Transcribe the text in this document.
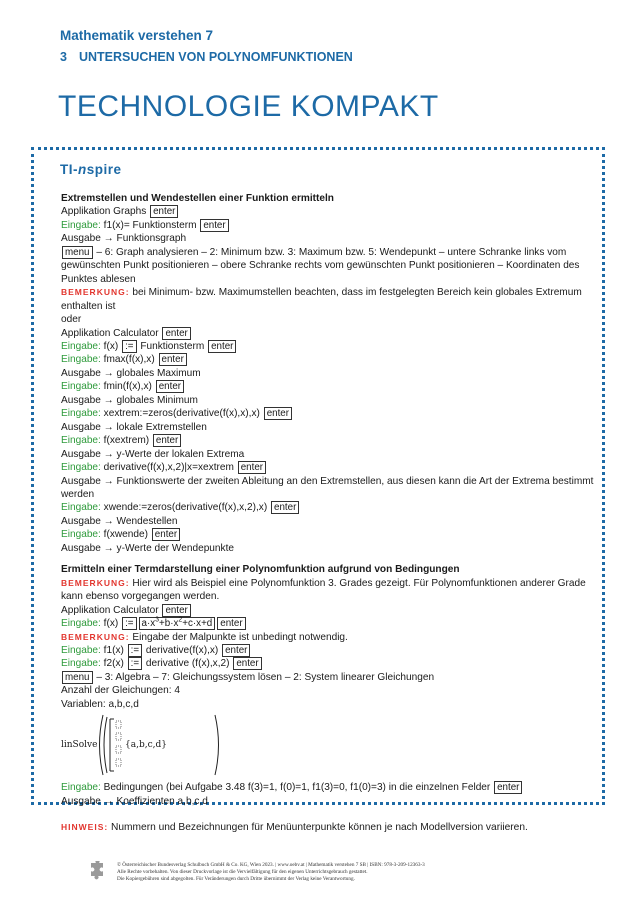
Mathematik verstehen 7
3 UNTERSUCHEN VON POLYNOMFUNKTIONEN
TECHNOLOGIE KOMPAKT
TI-nspire
Extremstellen und Wendestellen einer Funktion ermitteln
Applikation Graphs enter
Eingabe: f1(x)= Funktionsterm enter
Ausgabe → Funktionsgraph
menu – 6: Graph analysieren – 2: Minimum bzw. 3: Maximum bzw. 5: Wendepunkt – untere Schranke links vom gewünschten Punkt positionieren – obere Schranke rechts vom gewünschten Punkt positionieren – Koordinaten des Punktes ablesen
BEMERKUNG: bei Minimum- bzw. Maximumstellen beachten, dass im festgelegten Bereich kein globales Extremum enthalten ist
oder
Applikation Calculator enter
Eingabe: f(x) := Funktionsterm enter
Eingabe: fmax(f(x),x) enter
Ausgabe → globales Maximum
Eingabe: fmin(f(x),x) enter
Ausgabe → globales Minimum
Eingabe: xextrem:=zeros(derivative(f(x),x),x) enter
Ausgabe → lokale Extremstellen
Eingabe: f(xextrem) enter
Ausgabe → y-Werte der lokalen Extrema
Eingabe: derivative(f(x),x,2)|x=xextrem enter
Ausgabe → Funktionswerte der zweiten Ableitung an den Extremstellen, aus diesen kann die Art der Extrema bestimmt werden
Eingabe: xwende:=zeros(derivative(f(x),x,2),x) enter
Ausgabe → Wendestellen
Eingabe: f(xwende) enter
Ausgabe → y-Werte der Wendepunkte
Ermitteln einer Termdarstellung einer Polynomfunktion aufgrund von Bedingungen
BEMERKUNG: Hier wird als Beispiel eine Polynomfunktion 3. Grades gezeigt. Für Polynomfunktionen anderer Grade kann ebenso vorgegangen werden.
Applikation Calculator enter
Eingabe: f(x) := $a\cdot x^3+b\cdot x^2+c\cdot x+d$ enter
BEMERKUNG: Eingabe der Malpunkte ist unbedingt notwendig.
Eingabe: f1(x) := derivative(f(x),x) enter
Eingabe: f2(x) := derivative (f(x),x,2) enter
menu – 3: Algebra – 7: Gleichungssystem lösen – 2: System linearer Gleichungen
Anzahl der Gleichungen: 4
Variablen: a,b,c,d
linSolve	{a,b,c,d}
Eingabe: Bedingungen (bei Aufgabe 3.48 f(3)=1, f(0)=1, f1(3)=0, f1(0)=3) in die einzelnen Felder enter
Ausgabe → Koeffizienten a,b,c,d
HINWEIS: Nummern und Bezeichnungen für Menüunterpunkte können je nach Modellversion variieren.
© Österreichischer Bundesverlag Schulbuch GmbH & Co. KG, Wien 2023. | www.oebv.at | Mathematik verstehen 7 SB | ISBN: 978-3-209-12363-3
Alle Rechte vorbehalten. Von dieser Druckvorlage ist die Vervielfältigung für den eigenen Unterrichtsgebrauch gestattet.
Die Kopiergebühren sind abgegolten. Für Veränderungen durch Dritte übernimmt der Verlag keine Verantwortung.
